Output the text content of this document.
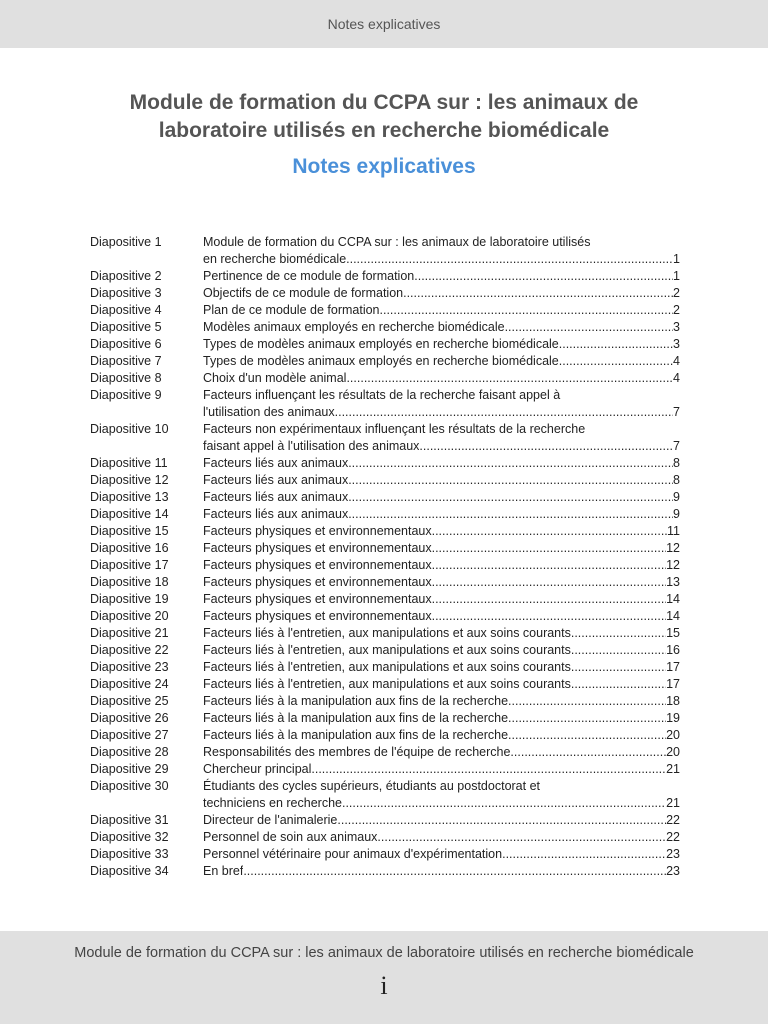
Notes explicatives
Module de formation du CCPA sur : les animaux de
laboratoire utilisés en recherche biomédicale
Notes explicatives
Diapositive 1	Module de formation du CCPA sur : les animaux de laboratoire utilisés
en recherche biomédicale .....	1
Diapositive 2	Pertinence de ce module de formation .....	1
Diapositive 3	Objectifs de ce module de formation .....	2
Diapositive 4	Plan de ce module de formation .....	2
Diapositive 5	Modèles animaux employés en recherche biomédicale .....	3
Diapositive 6	Types de modèles animaux employés en recherche biomédicale .....	3
Diapositive 7	Types de modèles animaux employés en recherche biomédicale .....	4
Diapositive 8	Choix d'un modèle animal .....	4
Diapositive 9	Facteurs influençant les résultats de la recherche faisant appel à
l'utilisation des animaux .....	7
Diapositive 10	Facteurs non expérimentaux influençant les résultats de la recherche
faisant appel à l'utilisation des animaux .....	7
Diapositive 11	Facteurs liés aux animaux .....	8
Diapositive 12	Facteurs liés aux animaux .....	8
Diapositive 13	Facteurs liés aux animaux .....	9
Diapositive 14	Facteurs liés aux animaux .....	9
Diapositive 15	Facteurs physiques et environnementaux .....	11
Diapositive 16	Facteurs physiques et environnementaux .....	12
Diapositive 17	Facteurs physiques et environnementaux .....	12
Diapositive 18	Facteurs physiques et environnementaux .....	13
Diapositive 19	Facteurs physiques et environnementaux .....	14
Diapositive 20	Facteurs physiques et environnementaux .....	14
Diapositive 21	Facteurs liés à l'entretien, aux manipulations et aux soins courants .....	15
Diapositive 22	Facteurs liés à l'entretien, aux manipulations et aux soins courants .....	16
Diapositive 23	Facteurs liés à l'entretien, aux manipulations et aux soins courants .....	17
Diapositive 24	Facteurs liés à l'entretien, aux manipulations et aux soins courants .....	17
Diapositive 25	Facteurs liés à la manipulation aux fins de la recherche .....	18
Diapositive 26	Facteurs liés à la manipulation aux fins de la recherche .....	19
Diapositive 27	Facteurs liés à la manipulation aux fins de la recherche .....	20
Diapositive 28	Responsabilités des membres de l'équipe de recherche .....	20
Diapositive 29	Chercheur principal .....	21
Diapositive 30	Étudiants des cycles supérieurs, étudiants au postdoctorat et
techniciens en recherche .....	21
Diapositive 31	Directeur de l'animalerie .....	22
Diapositive 32	Personnel de soin aux animaux .....	22
Diapositive 33	Personnel vétérinaire pour animaux d'expérimentation .....	23
Diapositive 34	En bref .....	23
Module de formation du CCPA sur : les animaux de laboratoire utilisés en recherche biomédicale
i
